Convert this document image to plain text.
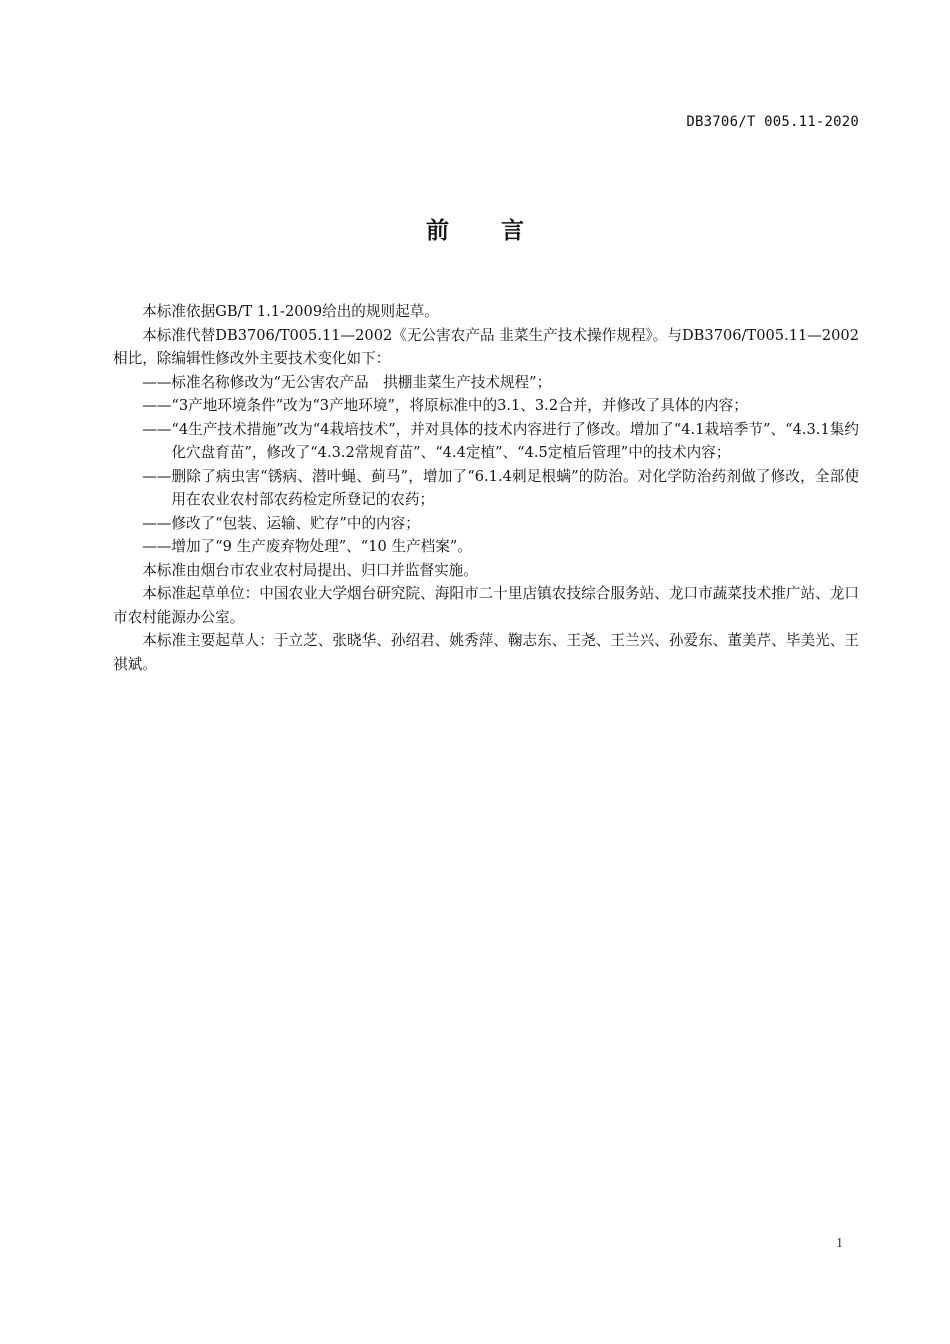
DB3706/T 005.11-2020
前 言

本标准依据GB/T 1.1-2009给出的规则起草。

本标准代替DB3706/T005.11—2002《无公害农产品 韭菜生产技术操作规程》。与DB3706/T005.11—2002相比，除编辑性修改外主要技术变化如下：

——标准名称修改为“无公害农产品　拱棚韭菜生产技术规程”；

——“3产地环境条件”改为“3产地环境”，将原标准中的3.1、3.2合并，并修改了具体的内容；

——“4生产技术措施”改为“4栽培技术”，并对具体的技术内容进行了修改。增加了“4.1栽培季节”、“4.3.1集约化穴盘育苗”，修改了“4.3.2常规育苗”、“4.4定植”、“4.5定植后管理”中的技术内容；

——删除了病虫害“锈病、潜叶蝇、蓟马”，增加了“6.1.4刺足根螨”的防治。对化学防治药剂做了修改，全部使用在农业农村部农药检定所登记的农药；

——修改了“包装、运输、贮存”中的内容；

——增加了“9 生产废弃物处理”、“10 生产档案”。

本标准由烟台市农业农村局提出、归口并监督实施。

本标准起草单位：中国农业大学烟台研究院、海阳市二十里店镇农技综合服务站、龙口市蔬菜技术推广站、龙口市农村能源办公室。

本标准主要起草人：于立芝、张晓华、孙绍君、姚秀萍、鞠志东、王尧、王兰兴、孙爱东、董美芹、毕美光、王祺斌。

1
